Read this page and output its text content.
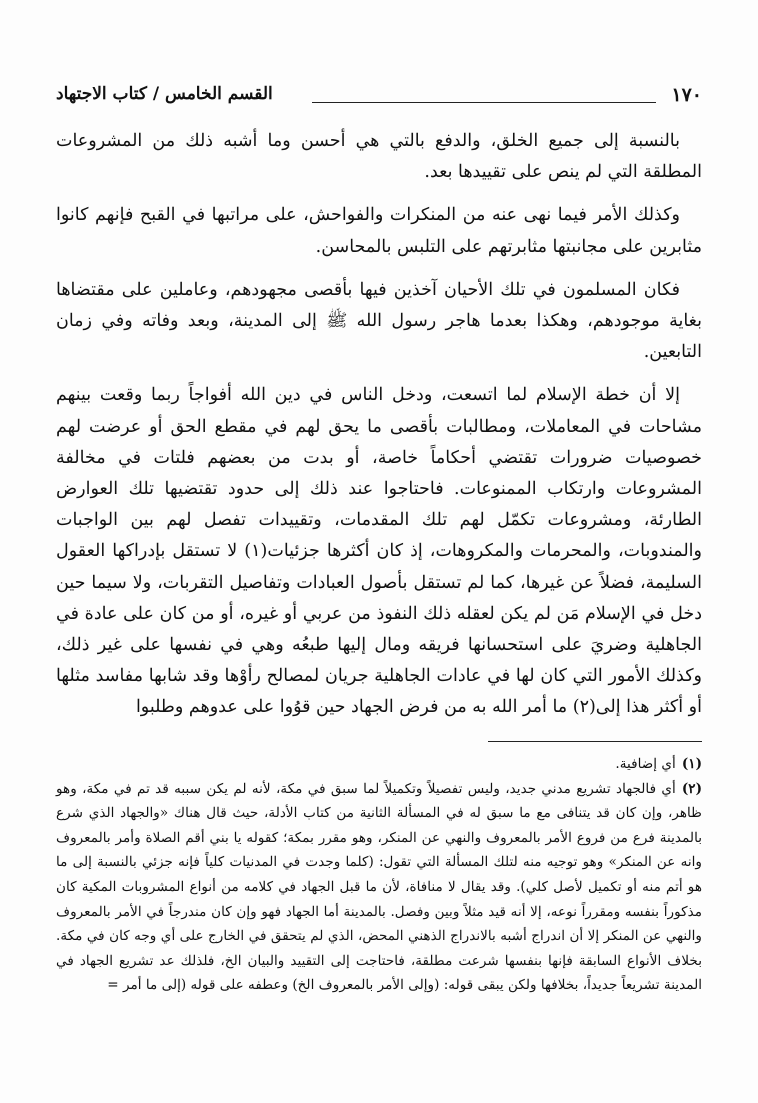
١٧٠
القسم الخامس / كتاب الاجتهاد

بالنسبة إلى جميع الخلق، والدفع بالتي هي أحسن وما أشبه ذلك من المشروعات المطلقة التي لم ينص على تقييدها بعد.

وكذلك الأمر فيما نهى عنه من المنكرات والفواحش، على مراتبها في القبح فإنهم كانوا مثابرين على مجانبتها مثابرتهم على التلبس بالمحاسن.

فكان المسلمون في تلك الأحيان آخذين فيها بأقصى مجهودهم، وعاملين على مقتضاها بغاية موجودهم، وهكذا بعدما هاجر رسول الله ﷺ إلى المدينة، وبعد وفاته وفي زمان التابعين.

إلا أن خطة الإسلام لما اتسعت، ودخل الناس في دين الله أفواجاً ربما وقعت بينهم مشاحات في المعاملات، ومطالبات بأقصى ما يحق لهم في مقطع الحق أو عرضت لهم خصوصيات ضرورات تقتضي أحكاماً خاصة، أو بدت من بعضهم فلتات في مخالفة المشروعات وارتكاب الممنوعات. فاحتاجوا عند ذلك إلى حدود تقتضيها تلك العوارض الطارئة، ومشروعات تكمّل لهم تلك المقدمات، وتقييدات تفصل لهم بين الواجبات والمندوبات، والمحرمات والمكروهات، إذ كان أكثرها جزئيات(١) لا تستقل بإدراكها العقول السليمة، فضلاً عن غيرها، كما لم تستقل بأصول العبادات وتفاصيل التقربات، ولا سيما حين دخل في الإسلام مَن لم يكن لعقله ذلك النفوذ من عربي أو غيره، أو من كان على عادة في الجاهلية وضريَ على استحسانها فريقه ومال إليها طبعُه وهي في نفسها على غير ذلك، وكذلك الأمور التي كان لها في عادات الجاهلية جريان لمصالح رأوْها وقد شابها مفاسد مثلها أو أكثر هذا إلى(٢) ما أمر الله به من فرض الجهاد حين قوُوا على عدوهم وطلبوا

(١)أي إضافية.

(٢)أي فالجهاد تشريع مدني جديد، وليس تفصيلاً وتكميلاً لما سبق في مكة، لأنه لم يكن سببه قد تم في مكة، وهو ظاهر، وإن كان قد يتنافى مع ما سبق له في المسألة الثانية من كتاب الأدلة، حيث قال هناك «والجهاد الذي شرع بالمدينة فرع من فروع الأمر بالمعروف والنهي عن المنكر، وهو مقرر بمكة؛ كقوله يا بني أقم الصلاة وأمر بالمعروف وانه عن المنكر» وهو توجيه منه لتلك المسألة التي تقول: (كلما وجدت في المدنيات كلياً فإنه جزئي بالنسبة إلى ما هو أتم منه أو تكميل لأصل كلي). وقد يقال لا منافاة، لأن ما قبل الجهاد في كلامه من أنواع المشروبات المكية كان مذكوراً بنفسه ومقرراً نوعه، إلا أنه قيد مثلاً وبين وفصل. بالمدينة أما الجهاد فهو وإن كان مندرجاً في الأمر بالمعروف والنهي عن المنكر إلا أن اندراج أشبه بالاندراج الذهني المحض، الذي لم يتحقق في الخارج على أي وجه كان في مكة. بخلاف الأنواع السابقة فإنها بنفسها شرعت مطلقة، فاحتاجت إلى التقييد والبيان الخ، فلذلك عد تشريع الجهاد في المدينة تشريعاً جديداً، بخلافها ولكن يبقى قوله: (وإلى الأمر بالمعروف الخ) وعطفه على قوله (إلى ما أمر =
